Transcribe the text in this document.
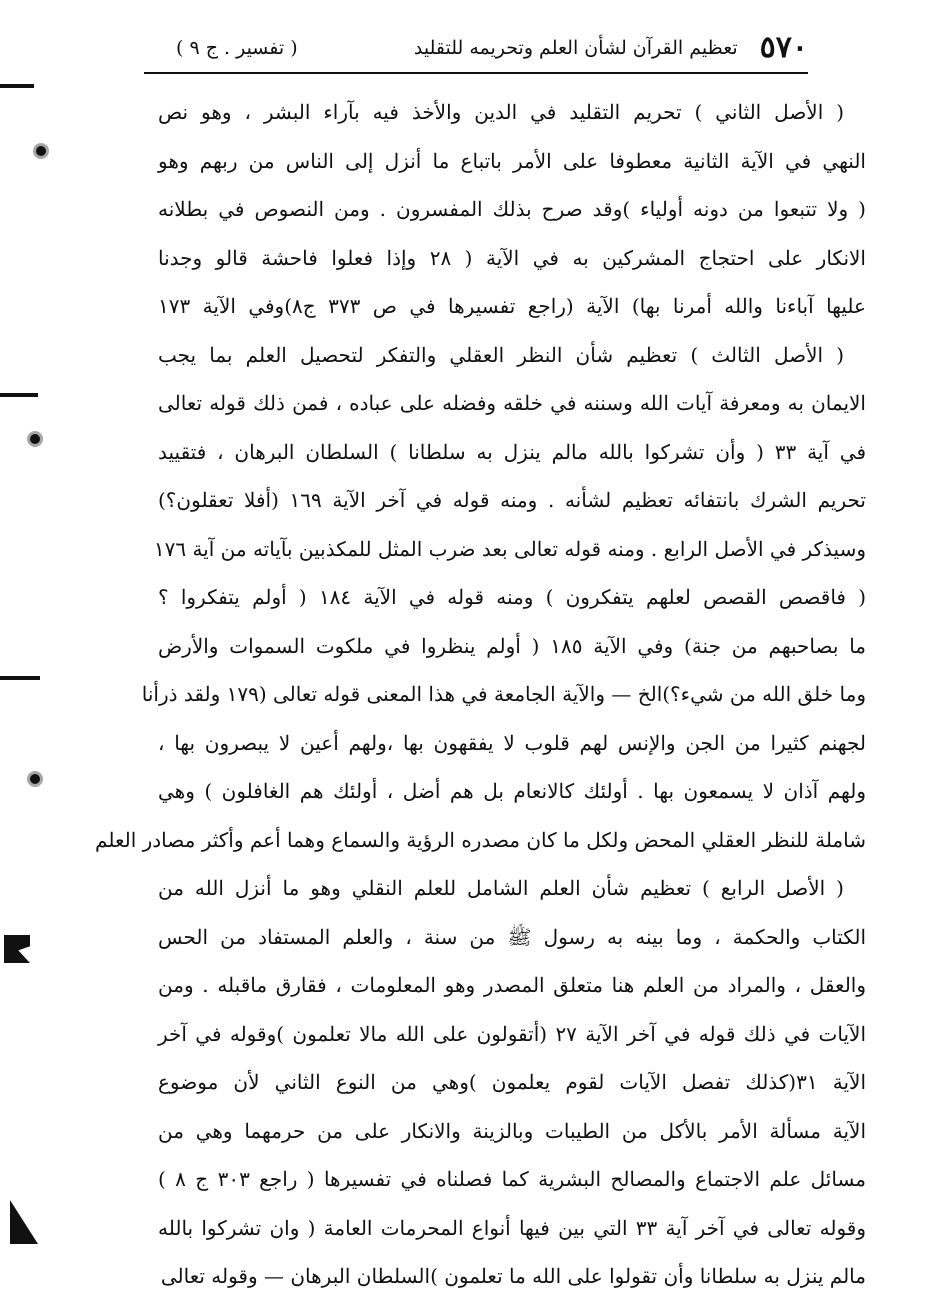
٥٧٠
تعظيم القرآن لشأن العلم وتحريمه للتقليد
( تفسير . ج ٩ )
( الأصل الثاني ) تحريم التقليد في الدين والأخذ فيه بآراء البشر ، وهو نص
النهي في الآية الثانية معطوفا على الأمر باتباع ما أنزل إلى الناس من ربهم وهو
( ولا تتبعوا من دونه أولياء )وقد صرح بذلك المفسرون . ومن النصوص في بطلانه
الانكار على احتجاج المشركين به في الآية ( ٢٨ وإذا فعلوا فاحشة قالو وجدنا
عليها آباءنا والله أمرنا بها) الآية (راجع تفسيرها في ص ٣٧٣ ج٨)وفي الآية ١٧٣
( الأصل الثالث ) تعظيم شأن النظر العقلي والتفكر لتحصيل العلم بما يجب
الايمان به ومعرفة آيات الله وسننه في خلقه وفضله على عباده ، فمن ذلك قوله تعالى
في آية ٣٣ ( وأن تشركوا بالله مالم ينزل به سلطانا ) السلطان البرهان ، فتقييد
تحريم الشرك بانتفائه تعظيم لشأنه . ومنه قوله في آخر الآية ١٦٩ (أفلا تعقلون؟)
وسيذكر في الأصل الرابع . ومنه قوله تعالى بعد ضرب المثل للمكذبين بآياته من آية ١٧٦
( فاقصص القصص لعلهم يتفكرون ) ومنه قوله في الآية ١٨٤ ( أولم يتفكروا ؟
ما بصاحبهم من جنة) وفي الآية ١٨٥ ( أولم ينظروا في ملكوت السموات والأرض
وما خلق الله من شيء؟)الخ — والآية الجامعة في هذا المعنى قوله تعالى (١٧٩ ولقد ذرأنا
لجهنم كثيرا من الجن والإنس لهم قلوب لا يفقهون بها ،ولهم أعين لا يبصرون بها ،
ولهم آذان لا يسمعون بها . أولئك كالانعام بل هم أضل ، أولئك هم الغافلون ) وهي
شاملة للنظر العقلي المحض ولكل ما كان مصدره الرؤية والسماع وهما أعم وأكثر مصادر العلم
( الأصل الرابع ) تعظيم شأن العلم الشامل للعلم النقلي وهو ما أنزل الله من
الكتاب والحكمة ، وما بينه به رسول ﷺ من سنة ، والعلم المستفاد من الحس
والعقل ، والمراد من العلم هنا متعلق المصدر وهو المعلومات ، فقارق ماقبله . ومن
الآيات في ذلك قوله في آخر الآية ٢٧ (أتقولون على الله مالا تعلمون )وقوله في آخر
الآية ٣١(كذلك تفصل الآيات لقوم يعلمون )وهي من النوع الثاني لأن موضوع
الآية مسألة الأمر بالأكل من الطيبات وبالزينة والانكار على من حرمهما وهي من
مسائل علم الاجتماع والمصالح البشرية كما فصلناه في تفسيرها ( راجع ٣٠٣ ج ٨ )
وقوله تعالى في آخر آية ٣٣ التي بين فيها أنواع المحرمات العامة ( وان تشركوا بالله
مالم ينزل به سلطانا وأن تقولوا على الله ما تعلمون )السلطان البرهان — وقوله تعالى
